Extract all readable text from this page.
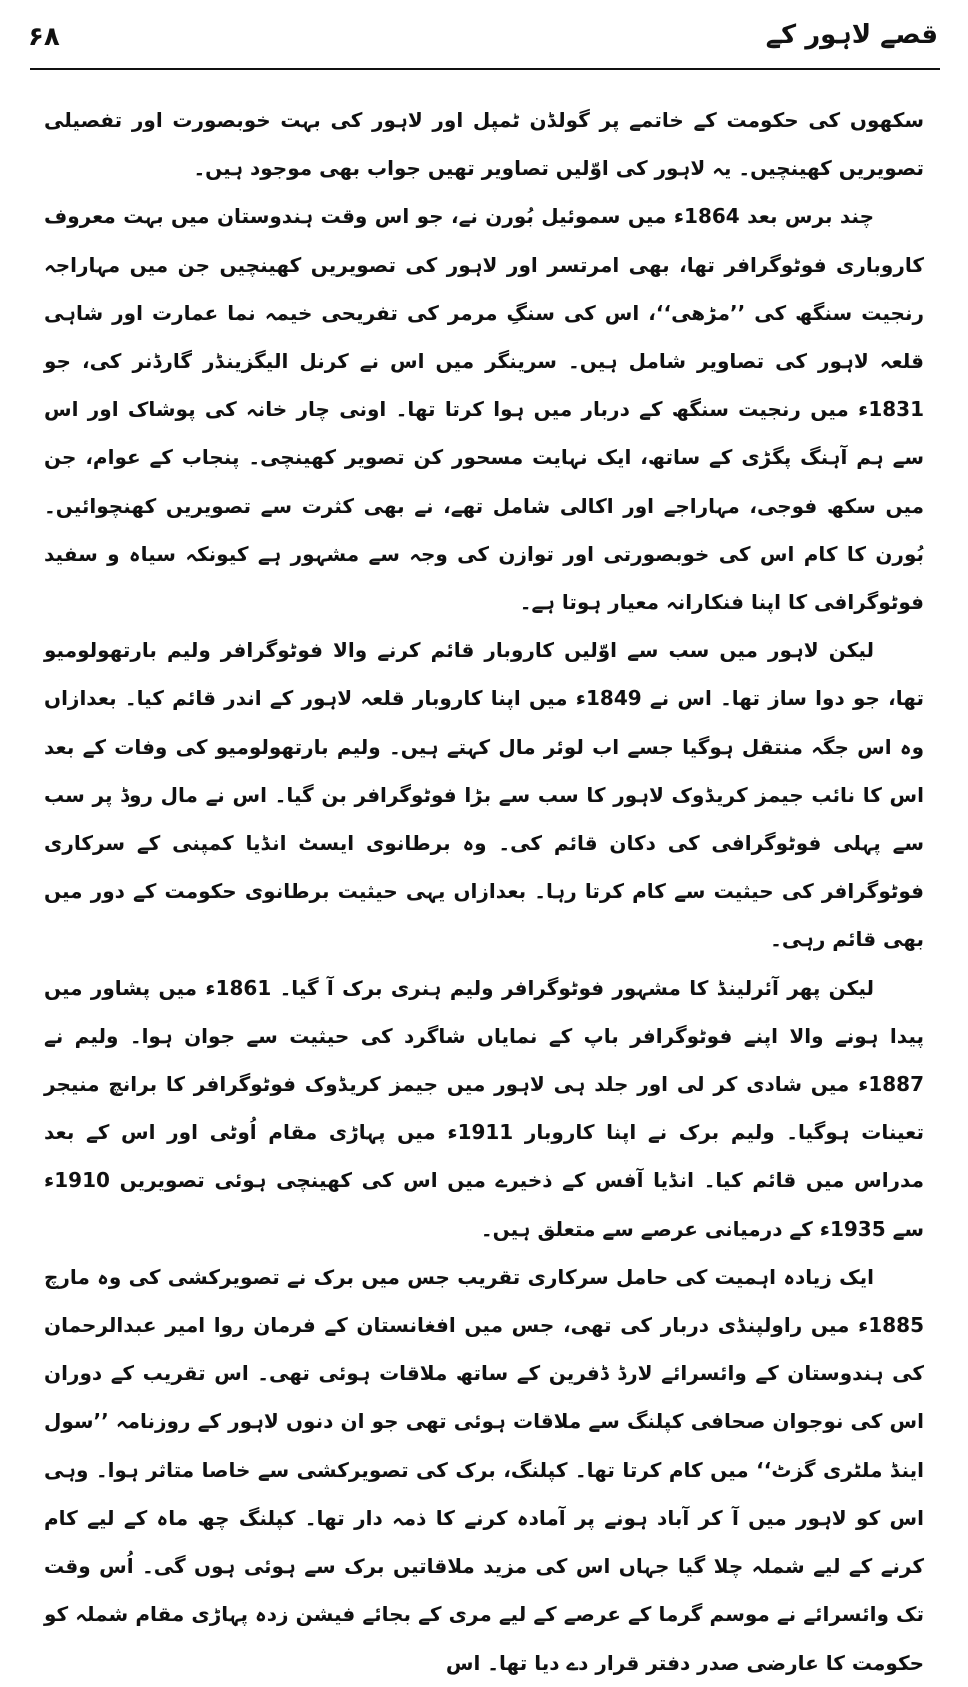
۶۸	قصے لاہور کے

سکھوں کی حکومت کے خاتمے پر گولڈن ٹمپل اور لاہور کی بہت خوبصورت اور تفصیلی تصویریں کھینچیں۔ یہ لاہور کی اوّلیں تصاویر تھیں جواب بھی موجود ہیں۔

چند برس بعد 1864ء میں سموئیل بُورن نے، جو اس وقت ہندوستان میں بہت معروف کاروباری فوٹوگرافر تھا، بھی امرتسر اور لاہور کی تصویریں کھینچیں جن میں مہاراجہ رنجیت سنگھ کی ’’مڑھی‘‘، اس کی سنگِ مرمر کی تفریحی خیمہ نما عمارت اور شاہی قلعہ لاہور کی تصاویر شامل ہیں۔ سرینگر میں اس نے کرنل الیگزینڈر گارڈنر کی، جو 1831ء میں رنجیت سنگھ کے دربار میں ہوا کرتا تھا۔ اونی چار خانہ کی پوشاک اور اس سے ہم آہنگ پگڑی کے ساتھ، ایک نہایت مسحور کن تصویر کھینچی۔ پنجاب کے عوام، جن میں سکھ فوجی، مہاراجے اور اکالی شامل تھے، نے بھی کثرت سے تصویریں کھنچوائیں۔ بُورن کا کام اس کی خوبصورتی اور توازن کی وجہ سے مشہور ہے کیونکہ سیاہ و سفید فوٹوگرافی کا اپنا فنکارانہ معیار ہوتا ہے۔

لیکن لاہور میں سب سے اوّلیں کاروبار قائم کرنے والا فوٹوگرافر ولیم بارتھولومیو تھا، جو دوا ساز تھا۔ اس نے 1849ء میں اپنا کاروبار قلعہ لاہور کے اندر قائم کیا۔ بعدازاں وہ اس جگہ منتقل ہوگیا جسے اب لوئر مال کہتے ہیں۔ ولیم بارتھولومیو کی وفات کے بعد اس کا نائب جیمز کریڈوک لاہور کا سب سے بڑا فوٹوگرافر بن گیا۔ اس نے مال روڈ پر سب سے پہلی فوٹوگرافی کی دکان قائم کی۔ وہ برطانوی ایسٹ انڈیا کمپنی کے سرکاری فوٹوگرافر کی حیثیت سے کام کرتا رہا۔ بعدازاں یہی حیثیت برطانوی حکومت کے دور میں بھی قائم رہی۔

لیکن پھر آئرلینڈ کا مشہور فوٹوگرافر ولیم ہنری برک آ گیا۔ 1861ء میں پشاور میں پیدا ہونے والا اپنے فوٹوگرافر باپ کے نمایاں شاگرد کی حیثیت سے جوان ہوا۔ ولیم نے 1887ء میں شادی کر لی اور جلد ہی لاہور میں جیمز کریڈوک فوٹوگرافر کا برانچ منیجر تعینات ہوگیا۔ ولیم برک نے اپنا کاروبار 1911ء میں پہاڑی مقام اُوٹی اور اس کے بعد مدراس میں قائم کیا۔ انڈیا آفس کے ذخیرے میں اس کی کھینچی ہوئی تصویریں 1910ء سے 1935ء کے درمیانی عرصے سے متعلق ہیں۔

ایک زیادہ اہمیت کی حامل سرکاری تقریب جس میں برک نے تصویرکشی کی وہ مارچ 1885ء میں راولپنڈی دربار کی تھی، جس میں افغانستان کے فرمان روا امیر عبدالرحمان کی ہندوستان کے وائسرائے لارڈ ڈفرین کے ساتھ ملاقات ہوئی تھی۔ اس تقریب کے دوران اس کی نوجوان صحافی کپلنگ سے ملاقات ہوئی تھی جو ان دنوں لاہور کے روزنامہ ’’سول اینڈ ملٹری گزٹ‘‘ میں کام کرتا تھا۔ کپلنگ، برک کی تصویرکشی سے خاصا متاثر ہوا۔ وہی اس کو لاہور میں آ کر آباد ہونے پر آمادہ کرنے کا ذمہ دار تھا۔ کپلنگ چھ ماہ کے لیے کام کرنے کے لیے شملہ چلا گیا جہاں اس کی مزید ملاقاتیں برک سے ہوئی ہوں گی۔ اُس وقت تک وائسرائے نے موسم گرما کے عرصے کے لیے مری کے بجائے فیشن زدہ پہاڑی مقام شملہ کو حکومت کا عارضی صدر دفتر قرار دے دیا تھا۔ اس
